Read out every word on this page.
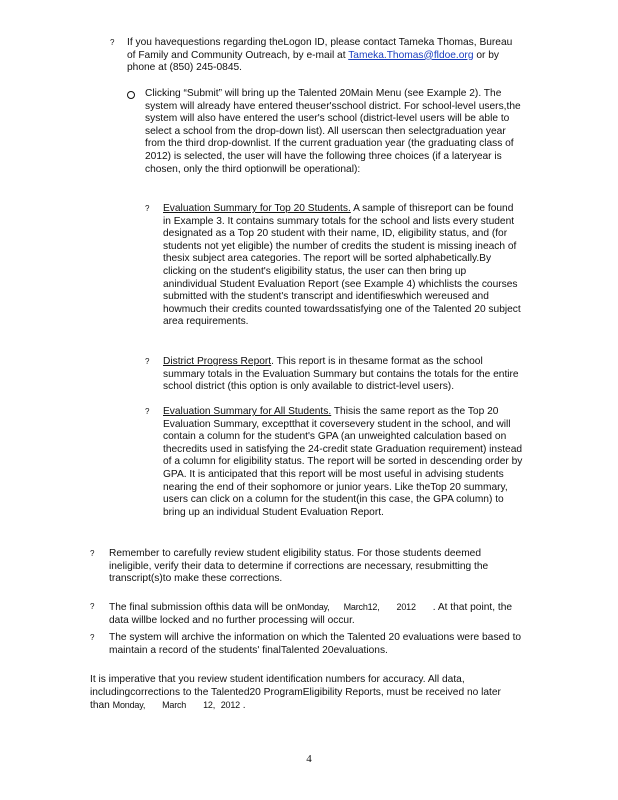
? If you havequestions regarding theLogon ID, please contact Tameka Thomas, Bureau of Family and Community Outreach, by e-mail at Tameka.Thomas@fldoe.org or by phone at (850) 245-0845.

Clicking “Submit” will bring up the Talented 20Main Menu (see Example 2). The system will already have entered theuser'sschool district. For school-level users,the system will also have entered the user's school (district-level users will be able to select a school from the drop-down list). All userscan then selectgraduation year from the third drop-downlist. If the current graduation year (the graduating class of 2012) is selected, the user will have the following three choices (if a lateryear is chosen, only the third optionwill be operational):

? Evaluation Summary for Top 20 Students. A sample of thisreport can be found in Example 3. It contains summary totals for the school and lists every student designated as a Top 20 student with their name, ID, eligibility status, and (for students not yet eligible) the number of credits the student is missing ineach of thesix subject area categories. The report will be sorted alphabetically.By clicking on the student's eligibility status, the user can then bring up anindividual Student Evaluation Report (see Example 4) whichlists the courses submitted with the student's transcript and identifieswhich wereused and howmuch their credits counted towardssatisfying one of the Talented 20 subject area requirements.

? District Progress Report. This report is in thesame format as the school summary totals in the Evaluation Summary but contains the totals for the entire school district (this option is only available to district-level users).

? Evaluation Summary for All Students. Thisis the same report as the Top 20 Evaluation Summary, exceptthat it coversevery student in the school, and will contain a column for the student's GPA (an unweighted calculation based on thecredits used in satisfying the 24-credit state Graduation requirement) instead of a column for eligibility status. The report will be sorted in descending order by GPA. It is anticipated that this report will be most useful in advising students nearing the end of their sophomore or junior years. Like theTop 20 summary, users can click on a column for the student(in this case, the GPA column) to bring up an individual Student Evaluation Report.

? Remember to carefully review student eligibility status. For those students deemed ineligible, verify their data to determine if corrections are necessary, resubmitting the transcript(s)to make these corrections.

? The final submission ofthis data will be onMonday, March12, 2012      . At that point, the data willbe locked and no further processing will occur.

? The system will archive the information on which the Talented 20 evaluations were based to maintain a record of the students' finalTalented 20evaluations.

It is imperative that you review student identification numbers for accuracy. All data, includingcorrections to the Talented20 ProgramEligibility Reports, must be received no later than Monday, March 12, 2012 .

4
